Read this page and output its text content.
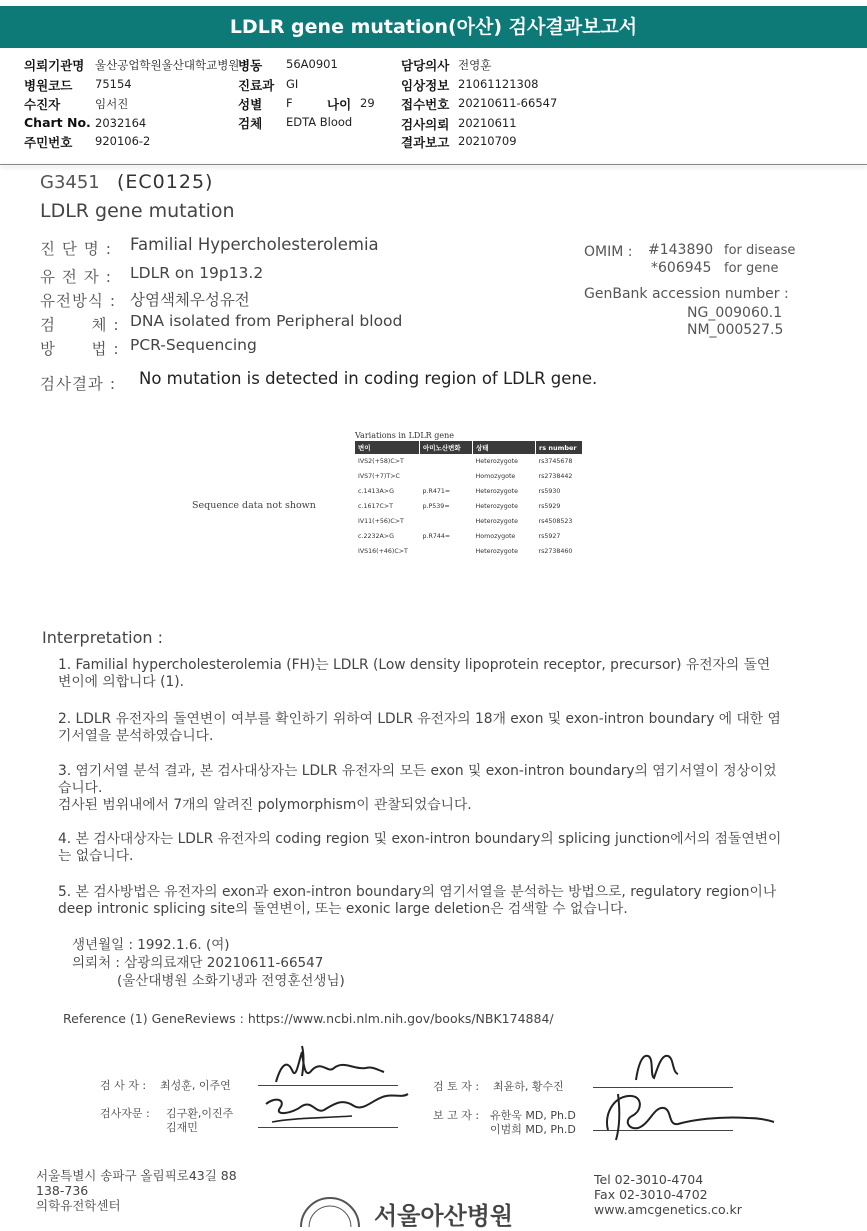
LDLR gene mutation(아산) 검사결과보고서
의뢰기관명 울산공업학원울산대학교병원
병원코드 75154
수진자	임서진
Chart No. 2032164
주민번호 920106-2
병동 56A0901
진료과 GI
성별 F
검체 EDTA Blood
나이 29
담당의사 전영훈
임상정보 21061121308
접수번호 20210611-66547
검사의뢰 20210611
결과보고 20210709
G3451 (EC0125)
LDLR gene mutation
진 단 명 : Familial Hypercholesterolemia
유 전 자 : LDLR on 19p13.2
유전방식 : 상염색체우성유전
검      체 : DNA isolated from Peripheral blood
방      법 : PCR-Sequencing
OMIM : #143890 for disease
*606945 for gene
GenBank accession number :
NG_009060.1
NM_000527.5
검사결과 : No mutation is detected in coding region of LDLR gene.
Sequence data not shown
Variations in LDLR gene
변이	아미노산변화	상태	rs number
IVS2(+58)C>T		Heterozygote	rs3745678
IVS7(+7)T>C		Homozygote	rs2738442
c.1413A>G	p.R471=	Heterozygote	rs5930
c.1617C>T	p.P539=	Heterozygote	rs5929
IV11(+56)C>T		Heterozygote	rs4508523
c.2232A>G	p.R744=	Homozygote	rs5927
IVS16(+46)C>T		Heterozygote	rs2738460
Interpretation :
1. Familial hypercholesterolemia (FH)는 LDLR (Low density lipoprotein receptor, precursor) 유전자의 돌연변이에 의합니다 (1).
2. LDLR 유전자의 돌연변이 여부를 확인하기 위하여 LDLR 유전자의 18개 exon 및 exon-intron boundary 에 대한 염기서열을 분석하였습니다.
3. 염기서열 분석 결과, 본 검사대상자는 LDLR 유전자의 모든 exon 및 exon-intron boundary의 염기서열이 정상이었습니다.
검사된 범위내에서 7개의 알려진 polymorphism이 관찰되었습니다.
4. 본 검사대상자는 LDLR 유전자의 coding region 및 exon-intron boundary의 splicing junction에서의 점돌연변이는 없습니다.
5. 본 검사방법은 유전자의 exon과 exon-intron boundary의 염기서열을 분석하는 방법으로, regulatory region이나 deep intronic splicing site의 돌연변이, 또는 exonic large deletion은 검색할 수 없습니다.
생년월일 : 1992.1.6. (여)
의뢰처 : 삼광의료재단 20210611-66547
(울산대병원 소화기냉과 전영훈선생님)
Reference (1) GeneReviews : https://www.ncbi.nlm.nih.gov/books/NBK174884/
검 사 자 : 최성훈, 이주연	검 토 자 : 최윤하, 황수진
검사자문 : 김구환,이진주
김재민
보 고 자 : 유한욱 MD, Ph.D
이범희 MD, Ph.D
서울특별시 송파구 올림픽로43길 88
138-736
의학유전학센터	서울아산병원
Tel 02-3010-4704
Fax 02-3010-4702
www.amcgenetics.co.kr
